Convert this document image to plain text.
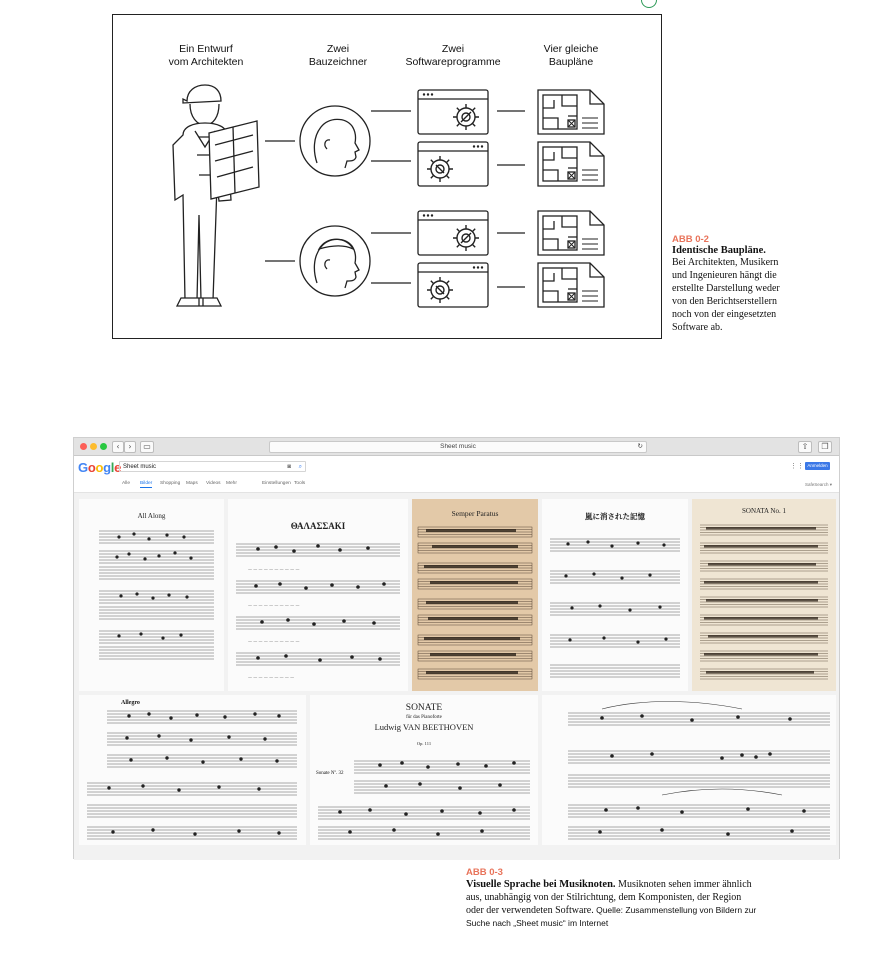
Ein Entwurf
vom Architekten
Zwei
Bauzeichner
Zwei
Softwareprogramme
Vier gleiche
Baupläne
ABB 0-2
Identische Baupläne.
Bei Architekten, Musikern
und Ingenieuren hängt die
erstellte Darstellung weder
von den Berichtserstellern
noch von der eingesetzten
Software ab.
‹	›	▭	Sheet music	↻	⇧	❐
Google Sheet music	◙ ⌕
Alle Bilder Shopping Maps Videos Mehr	Einstellungen Tools
⋮⋮ Anmelden
SafeSearch ▾
All Along
ΘΑΛΑΣΣΑΚΙ
— — — — — — — — — —
— — — — — — — — — —
— — — — — — — — — —
— — — — — — — — —
Semper Paratus	嵐に消された記憶
SONATA No. 1
Allegro	SONATE
für das Pianoforte
Ludwig VAN BEETHOVEN
Op. 111
Sonate Nº. 32
ABB 0-3
Visuelle Sprache bei Musiknoten. Musiknoten sehen immer ähnlich
aus, unabhängig von der Stilrichtung, dem Komponisten, der Region
oder der verwendeten Software. Quelle: Zusammenstellung von Bildern zur
Suche nach „Sheet music“ im Internet
